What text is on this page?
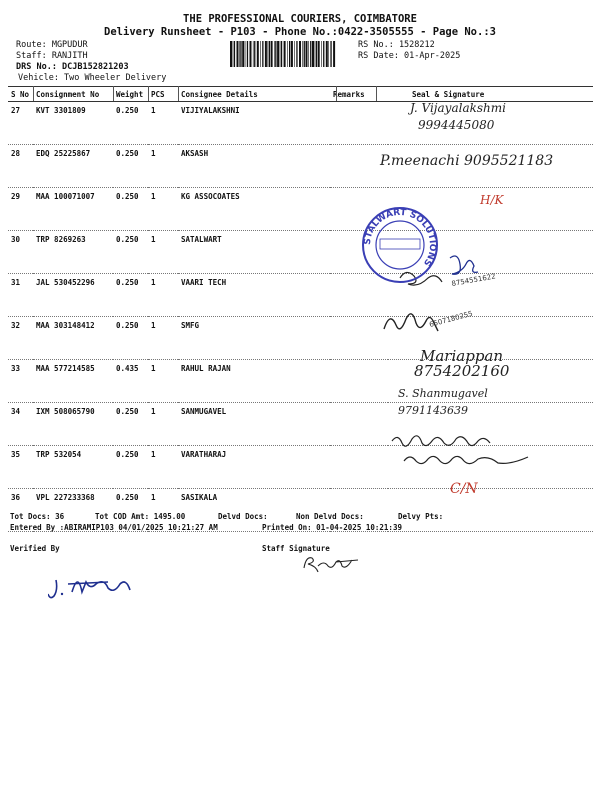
THE PROFESSIONAL COURIERS, COIMBATORE
Delivery Runsheet - P103 - Phone No.:0422-3505555 - Page No.:3
Route: MGPUDUR
Staff: RANJITH
DRS No.: DCJB152821203
Vehicle: Two Wheeler Delivery
RS No.: 1528212
RS Date: 01-Apr-2025
S No	Consignment No	Weight	PCS	Consignee Details	Remarks	Seal & Signature
27	KVT 3301809	0.250	1	VIJIYALAKSHNI		
28	EDQ 25225867	0.250	1	AKSASH		
29	MAA 100071007	0.250	1	KG ASSOCOATES		
30	TRP 8269263	0.250	1	SATALWART		
31	JAL 530452296	0.250	1	VAARI TECH		
32	MAA 303148412	0.250	1	SMFG		
33	MAA 577214585	0.435	1	RAHUL RAJAN		
34	IXM 508065790	0.250	1	SANMUGAVEL		
35	TRP 532054	0.250	1	VARATHARAJ		
36	VPL 227233368	0.250	1	SASIKALA		
J. Vijayalakshmi
9994445080
P.meenachi 9095521183
H/K
Mariappan
8754202160
S. Shanmugavel
9791143639
C/N
8754551622
6507180255
STALWART SOLUTIONS
Tot Docs: 36	Tot COD Amt: 1495.00	Delvd Docs:	Non Delvd Docs:	Delvy Pts:
Entered By :ABIRAMIP103 04/01/2025 10:21:27 AM	Printed On: 01-04-2025 10:21:39
Verified By	Staff Signature
